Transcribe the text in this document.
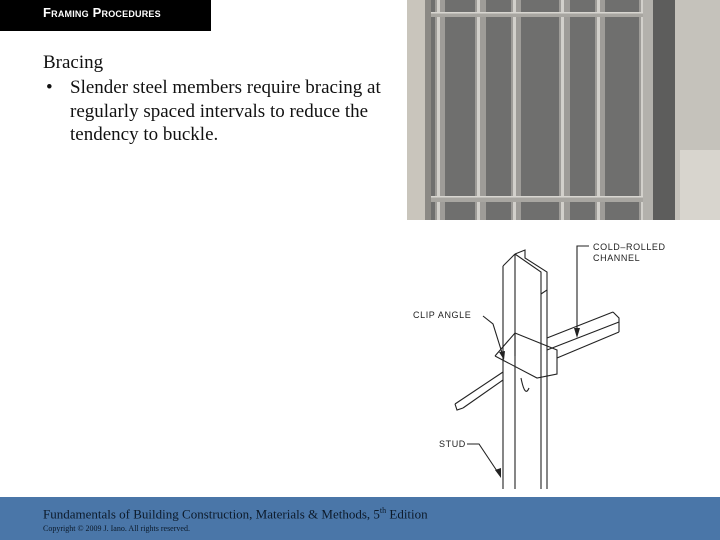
Framing Procedures

Bracing

• Slender steel members require bracing at regularly spaced intervals to reduce the tendency to buckle.
COLD–ROLLED
CHANNEL
CLIP ANGLE
STUD
Fundamentals of Building Construction, Materials & Methods, 5th Edition
Copyright © 2009 J. Iano. All rights reserved.
